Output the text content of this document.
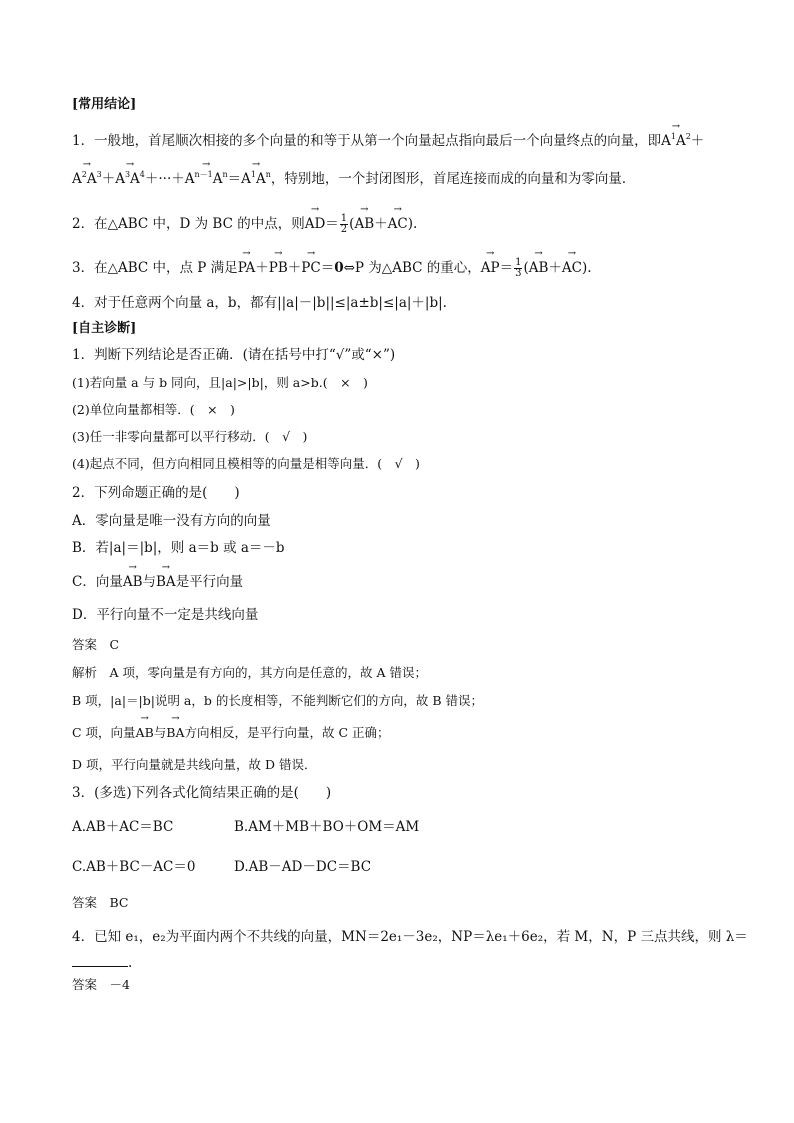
[常用结论]
1．一般地，首尾顺次相接的多个向量的和等于从第一个向量起点指向最后一个向量终点的向量，即→ $A^1A^2+$
→ $A^2A^3+\to A^3A^4+\cdot\cdot\cdot+\to A^{n-1}A^n=\to A^1A^n$，特别地，一个封闭图形，首尾连接而成的向量和为零向量．
2．在△ABC 中，D 为 BC 的中点，则→ $AD= \frac{1}{2}$ (→ AB＋→ AC).
3．在△ABC 中，点 P 满足→ PA＋→ PB＋→ PC＝0⇔P 为△ABC 的重心，→ $AP= \frac{1}{3}$ (→ AB＋→ AC).
4．对于任意两个向量 a，b，都有||a|－|b||≤|a±b|≤|a|＋|b|.
[自主诊断]
1．判断下列结论是否正确．(请在括号中打“√”或“×”)
(1)若向量 a 与 b 同向，且|a|>|b|，则 a>b.(　×　)
(2)单位向量都相等．(　×　)
(3)任一非零向量都可以平行移动．(　√　)
(4)起点不同，但方向相同且模相等的向量是相等向量．(　√　)
2．下列命题正确的是(　　)
A．零向量是唯一没有方向的向量
B．若|a|＝|b|，则 a＝b 或 a＝－b
C．向量→ AB与→ BA是平行向量
D．平行向量不一定是共线向量
答案　C
解析　A 项，零向量是有方向的，其方向是任意的，故 A 错误；
B 项，|a|＝|b|说明 a，b 的长度相等，不能判断它们的方向，故 B 错误；
C 项，向量→ AB与→ BA方向相反，是平行向量，故 C 正确；
D 项，平行向量就是共线向量，故 D 错误．
3．(多选)下列各式化简结果正确的是(　　)
A.AB＋AC＝BC	B.AM＋MB＋BO＋OM＝AM
C.AB＋BC－AC＝0	D.AB－AD－DC＝BC
答案　BC
4．已知 e₁，e₂为平面内两个不共线的向量，MN＝2e₁－3e₂，NP＝λe₁＋6e₂，若 M，N，P 三点共线，则 λ＝
.
答案　－4
